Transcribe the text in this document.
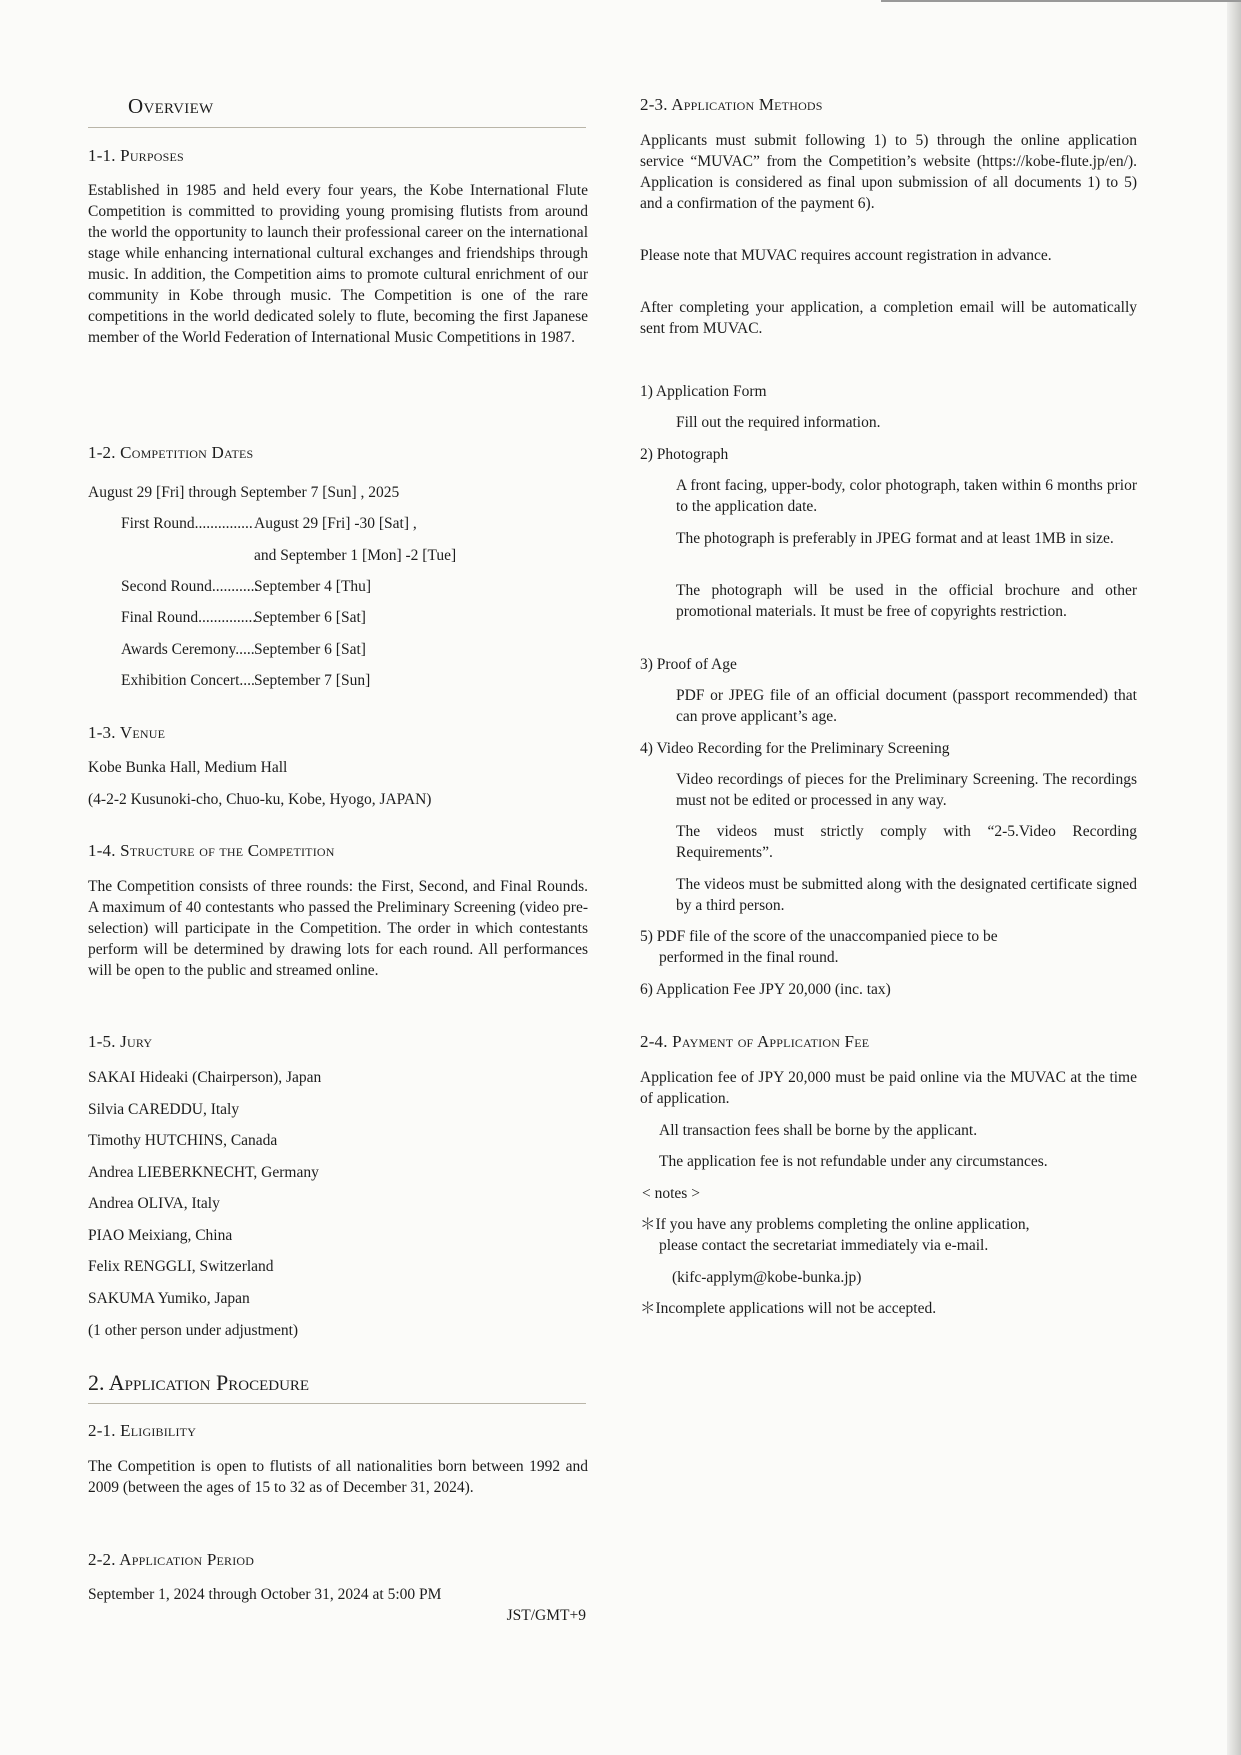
Overview
1-1. Purposes

Established in 1985 and held every four years, the Kobe International Flute Competition is committed to providing young promising flutists from around the world the opportunity to launch their professional career on the international stage while enhancing international cultural exchanges and friendships through music. In addition, the Competition aims to promote cultural enrichment of our community in Kobe through music. The Competition is one of the rare competitions in the world dedicated solely to flute, becoming the first Japanese member of the World Federation of International Music Competitions in 1987.

1-2. Competition Dates
August 29 [Fri] through September 7 [Sun] , 2025
First Round...............August 29 [Fri] -30 [Sat] ,
and September 1 [Mon] -2 [Tue]
Second Round............September 4 [Thu]
Final Round...............September 6 [Sat]
Awards Ceremony.....September 6 [Sat]
Exhibition Concert....September 7 [Sun]
1-3. Venue
Kobe Bunka Hall, Medium Hall
(4-2-2 Kusunoki-cho, Chuo-ku, Kobe, Hyogo, JAPAN)
1-4. Structure of the Competition

The Competition consists of three rounds: the First, Second, and Final Rounds. A maximum of 40 contestants who passed the Preliminary Screening (video pre-selection) will participate in the Competition. The order in which contestants perform will be determined by drawing lots for each round. All performances will be open to the public and streamed online.

1-5. Jury
SAKAI Hideaki (Chairperson), Japan
Silvia CAREDDU, Italy
Timothy HUTCHINS, Canada
Andrea LIEBERKNECHT, Germany
Andrea OLIVA, Italy
PIAO Meixiang, China
Felix RENGGLI, Switzerland
SAKUMA Yumiko, Japan
(1 other person under adjustment)
2. Application Procedure
2-1. Eligibility

The Competition is open to flutists of all nationalities born between 1992 and 2009 (between the ages of 15 to 32 as of December 31, 2024).

2-2. Application Period
September 1, 2024 through October 31, 2024 at 5:00 PM
JST/GMT+9
2-3. Application Methods

Applicants must submit following 1) to 5) through the online application service “MUVAC” from the Competition’s website (https://kobe-flute.jp/en/). Application is considered as final upon submission of all documents 1) to 5) and a confirmation of the payment 6).

Please note that MUVAC requires account registration in advance.

After completing your application, a completion email will be automatically sent from MUVAC.

1) Application Form
Fill out the required information.
2) Photograph

A front facing, upper-body, color photograph, taken within 6 months prior to the application date.

The photograph is preferably in JPEG format and at least 1MB in size.

The photograph will be used in the official brochure and other promotional materials. It must be free of copyrights restriction.

3) Proof of Age

PDF or JPEG file of an official document (passport recommended) that can prove applicant’s age.

4) Video Recording for the Preliminary Screening

Video recordings of pieces for the Preliminary Screening. The recordings must not be edited or processed in any way.

The videos must strictly comply with “2-5.Video Recording Requirements”.

The videos must be submitted along with the designated certificate signed by a third person.

5) PDF file of the score of the unaccompanied piece to be
performed in the final round.
6) Application Fee JPY 20,000 (inc. tax)
2-4. Payment of Application Fee

Application fee of JPY 20,000 must be paid online via the MUVAC at the time of application.

All transaction fees shall be borne by the applicant.
The application fee is not refundable under any circumstances.
< notes >
＊If you have any problems completing the online application,
please contact the secretariat immediately via e-mail.
(kifc-applym@kobe-bunka.jp)
＊Incomplete applications will not be accepted.
